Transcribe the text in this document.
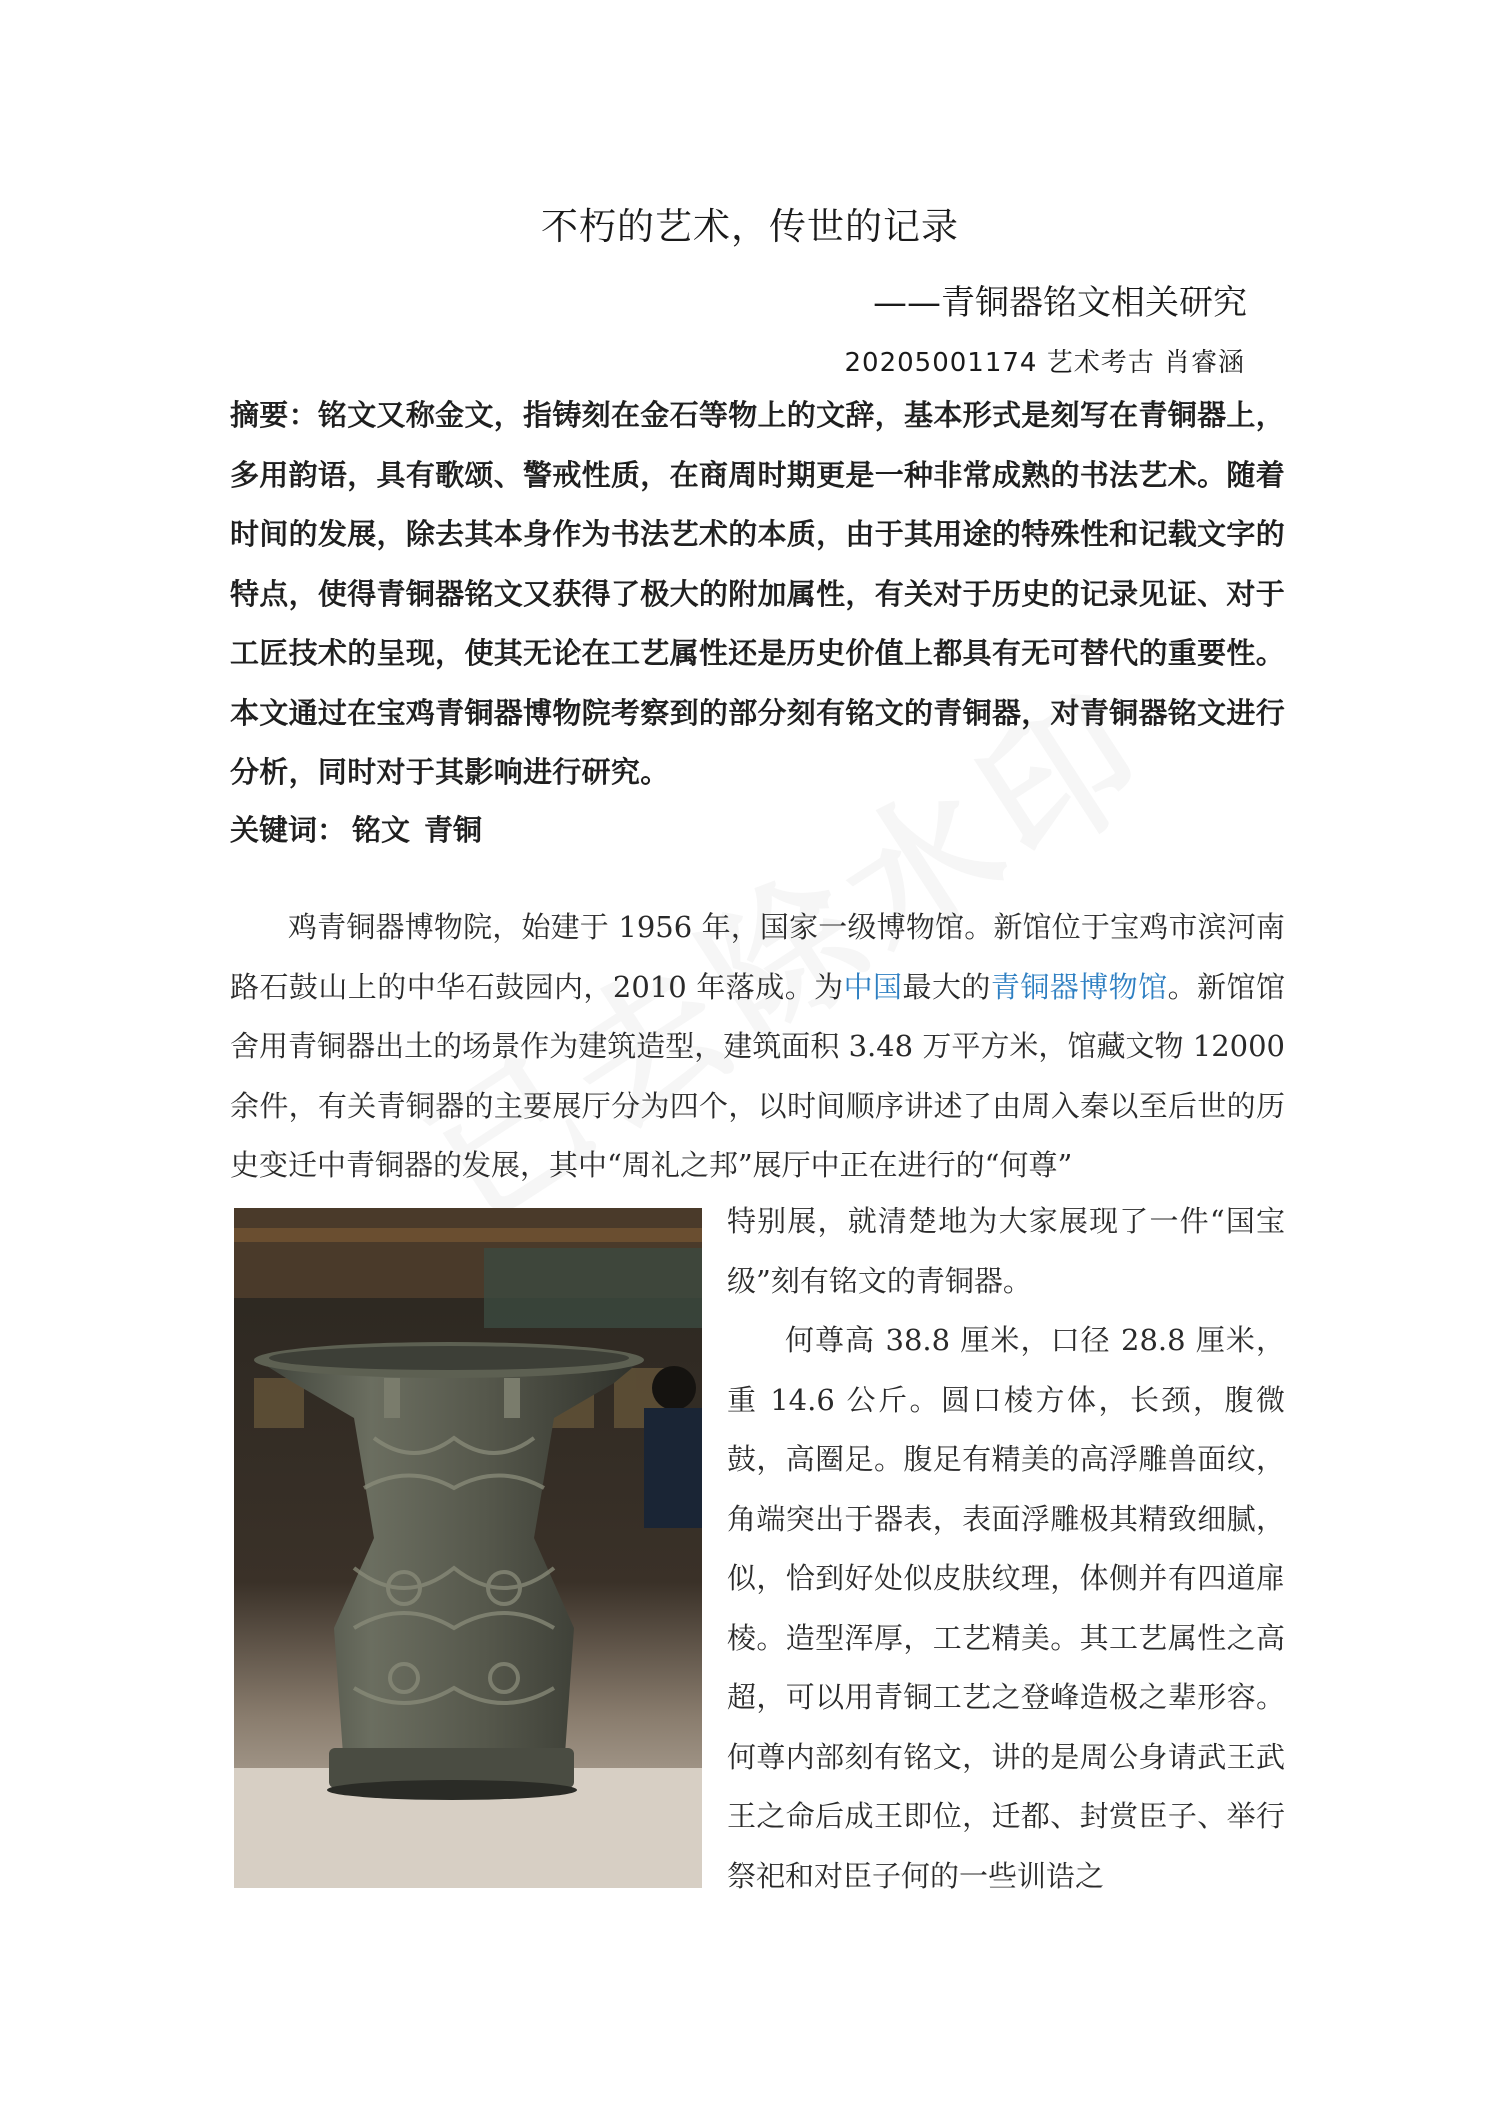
不朽的艺术，传世的记录
——青铜器铭文相关研究
20205001174 艺术考古 肖睿涵
摘要：铭文又称金文，指铸刻在金石等物上的文辞，基本形式是刻写在青铜器上，多用韵语，具有歌颂、警戒性质，在商周时期更是一种非常成熟的书法艺术。随着时间的发展，除去其本身作为书法艺术的本质，由于其用途的特殊性和记载文字的特点，使得青铜器铭文又获得了极大的附加属性，有关对于历史的记录见证、对于工匠技术的呈现，使其无论在工艺属性还是历史价值上都具有无可替代的重要性。本文通过在宝鸡青铜器博物院考察到的部分刻有铭文的青铜器，对青铜器铭文进行分析，同时对于其影响进行研究。
关键词： 铭文 青铜
鸡青铜器博物院，始建于 1956 年，国家一级博物馆。新馆位于宝鸡市滨河南路石鼓山上的中华石鼓园内，2010 年落成。为中国最大的青铜器博物馆。新馆馆舍用青铜器出土的场景作为建筑造型，建筑面积 3.48 万平方米，馆藏文物 12000 余件，有关青铜器的主要展厅分为四个，以时间顺序讲述了由周入秦以至后世的历史变迁中青铜器的发展，其中“周礼之邦”展厅中正在进行的“何尊”

特别展，就清楚地为大家展现了一件“国宝级”刻有铭文的青铜器。

何尊高 38.8 厘米，口径 28.8 厘米，重 14.6 公斤。圆口棱方体，长颈，腹微鼓，高圈足。腹足有精美的高浮雕兽面纹，角端突出于器表，表面浮雕极其精致细腻，似，恰到好处似皮肤纹理，体侧并有四道扉棱。造型浑厚，工艺精美。其工艺属性之高超，可以用青铜工艺之登峰造极之辈形容。何尊内部刻有铭文，讲的是周公身请武王武王之命后成王即位，迁都、封赏臣子、举行祭祀和对臣子何的一些训诰之
